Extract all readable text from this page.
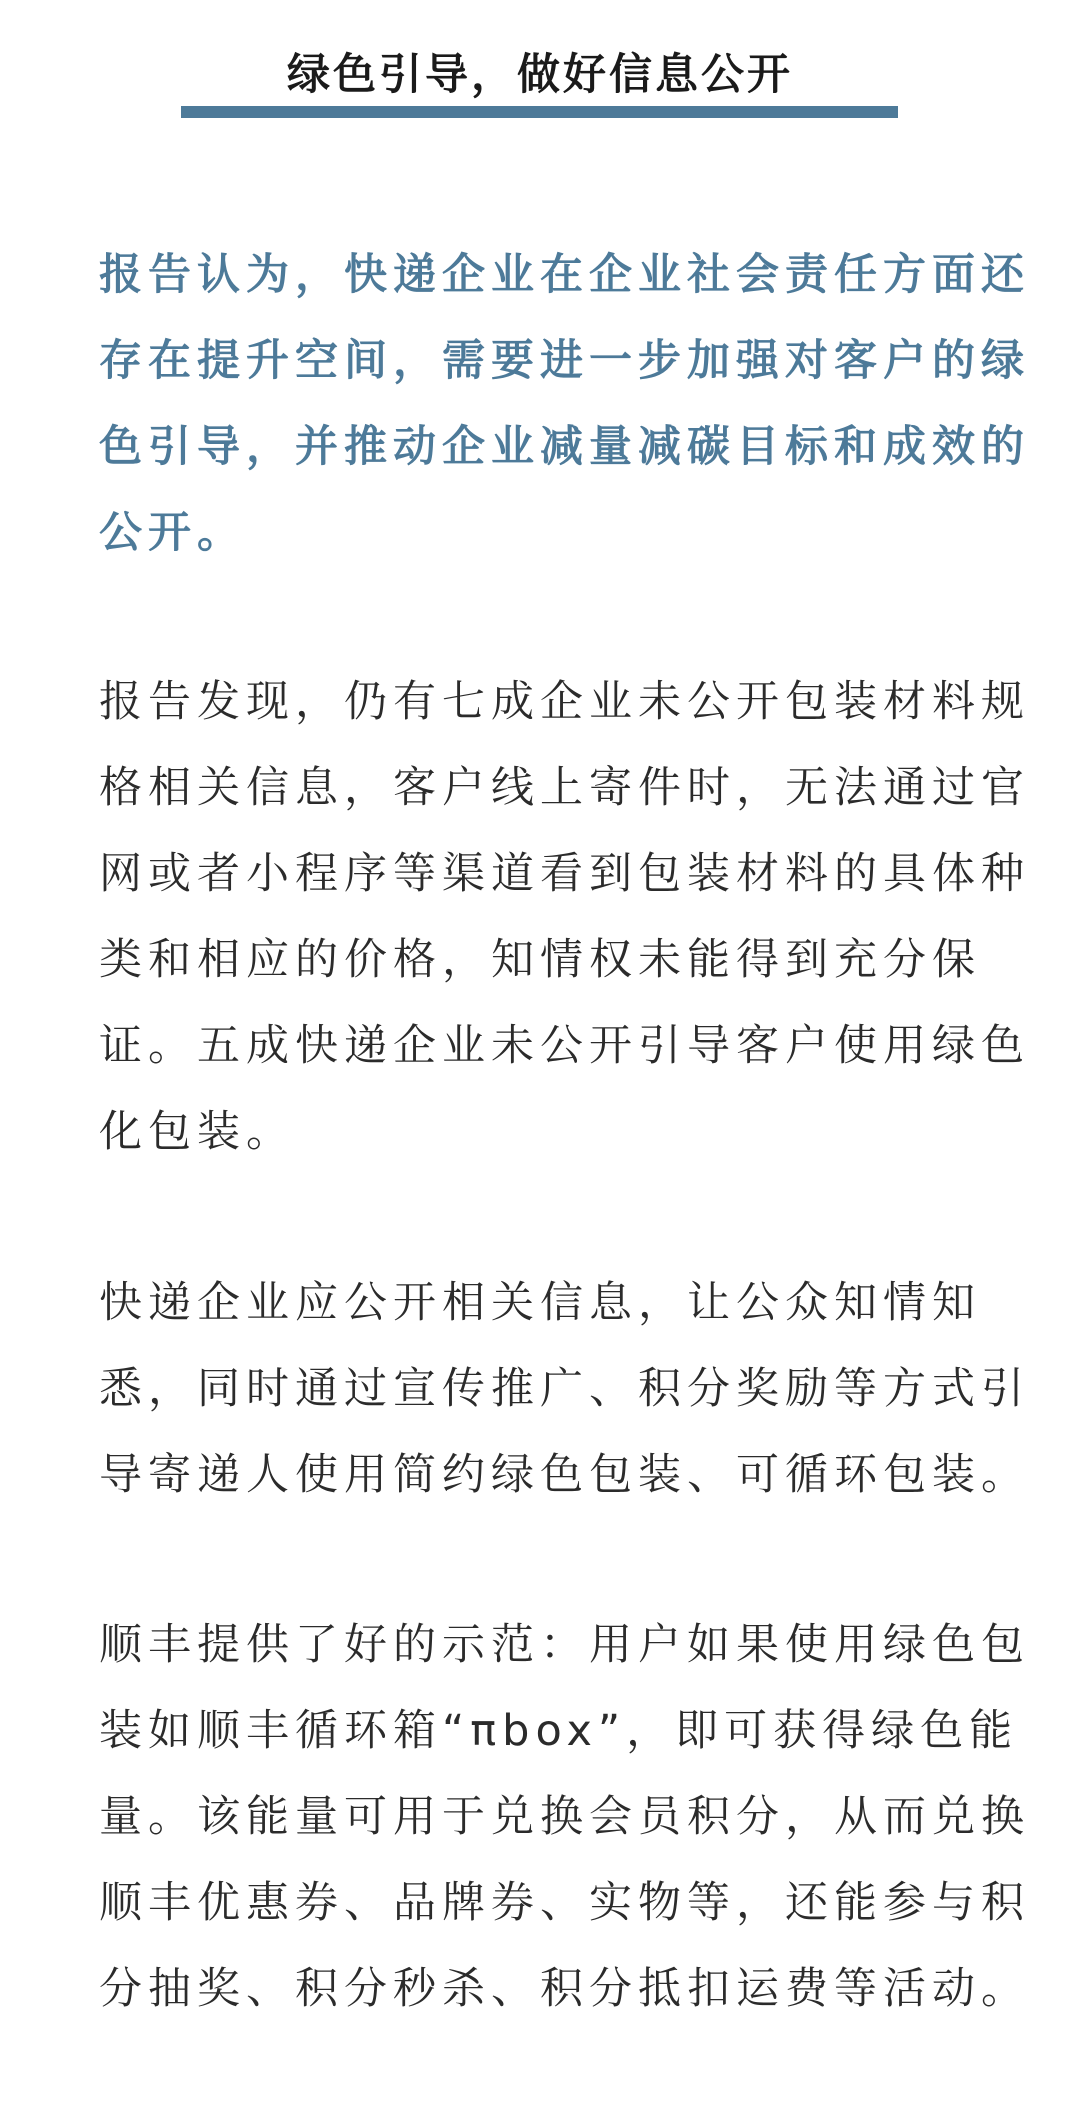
绿色引导，做好信息公开

报告认为，快递企业在企业社会责任方面还
存在提升空间，需要进一步加强对客户的绿
色引导，并推动企业减量减碳目标和成效的
公开。

报告发现，仍有七成企业未公开包装材料规
格相关信息，客户线上寄件时，无法通过官
网或者小程序等渠道看到包装材料的具体种
类和相应的价格，知情权未能得到充分保
证。五成快递企业未公开引导客户使用绿色
化包装。

快递企业应公开相关信息，让公众知情知
悉，同时通过宣传推广、积分奖励等方式引
导寄递人使用简约绿色包装、可循环包装。

顺丰提供了好的示范：用户如果使用绿色包
装如顺丰循环箱“πbox”，即可获得绿色能
量。该能量可用于兑换会员积分，从而兑换
顺丰优惠券、品牌券、实物等，还能参与积
分抽奖、积分秒杀、积分抵扣运费等活动。
